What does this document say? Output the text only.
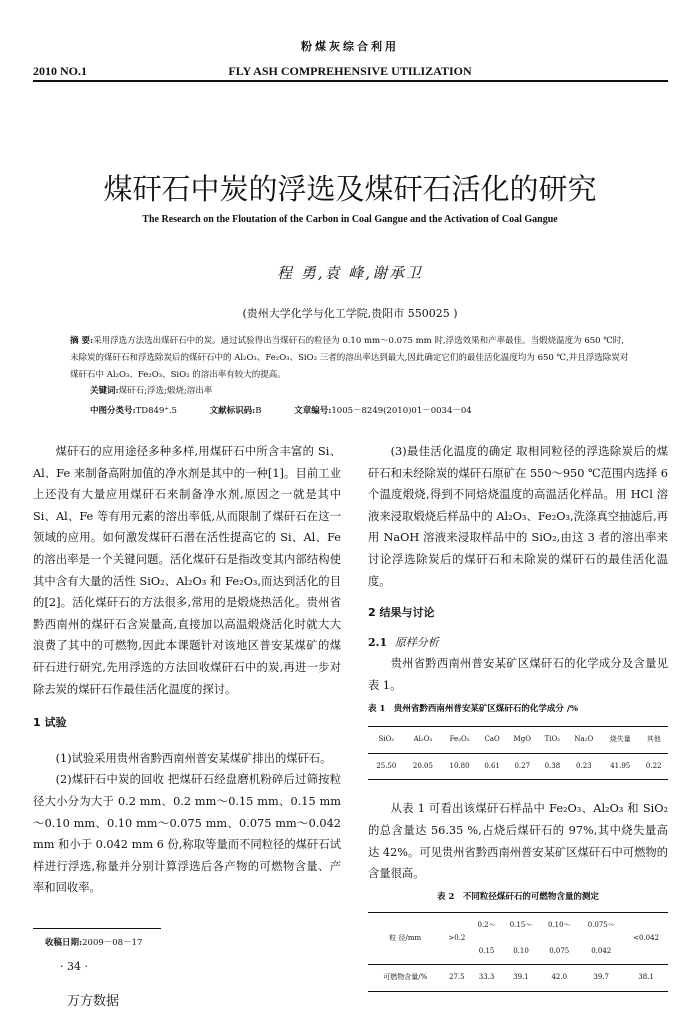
粉煤灰综合利用
2010 NO.1	FLY ASH COMPREHENSIVE UTILIZATION
煤矸石中炭的浮选及煤矸石活化的研究
The Research on the Floutation of the Carbon in Coal Gangue and the Activation of Coal Gangue
程 勇,袁 峰,谢承卫
(贵州大学化学与化工学院,贵阳市 550025 )
摘 要:采用浮选方法选出煤矸石中的炭。通过试验得出当煤矸石的粒径为 0.10 mm～0.075 mm 时,浮选效果和产率最佳。当煅烧温度为 650 ℃时,未除炭的煤矸石和浮选除炭后的煤矸石中的 Al₂O₃、Fe₂O₃、SiO₂ 三者的溶出率达到最大,因此确定它们的最佳活化温度均为 650 ℃,并且浮选除炭对煤矸石中 Al₂O₃、Fe₂O₃、SiO₂ 的溶出率有较大的提高。
关键词:煤矸石;浮选;煅烧;溶出率
中图分类号:TD849⁺.5	文献标识码:B	文章编号:1005－8249(2010)01－0034－04

煤矸石的应用途径多种多样,用煤矸石中所含丰富的 Si、Al、Fe 来制备高附加值的净水剂是其中的一种[1]。目前工业上还没有大量应用煤矸石来制备净水剂,原因之一就是其中 Si、Al、Fe 等有用元素的溶出率低,从而限制了煤矸石在这一领域的应用。如何激发煤矸石潜在活性提高它的 Si、Al、Fe 的溶出率是一个关键问题。活化煤矸石是指改变其内部结构使其中含有大量的活性 SiO₂、Al₂O₃ 和 Fe₂O₃,而达到活化的目的[2]。活化煤矸石的方法很多,常用的是煅烧热活化。贵州省黔西南州的煤矸石含炭量高,直接加以高温煅烧活化时就大大浪费了其中的可燃物,因此本课题针对该地区普安某煤矿的煤矸石进行研究,先用浮选的方法回收煤矸石中的炭,再进一步对除去炭的煤矸石作最佳活化温度的探讨。

1 试验

(1)试验采用贵州省黔西南州普安某煤矿排出的煤矸石。

(2)煤矸石中炭的回收 把煤矸石经盘磨机粉碎后过筛按粒径大小分为大于 0.2 mm、0.2 mm～0.15 mm、0.15 mm～0.10 mm、0.10 mm～0.075 mm、0.075 mm～0.042 mm 和小于 0.042 mm 6 份,称取等量而不同粒径的煤矸石试样进行浮选,称量并分别计算浮选后各产物的可燃物含量、产率和回收率。

(3)最佳活化温度的确定 取相同粒径的浮选除炭后的煤矸石和未经除炭的煤矸石原矿在 550～950 ℃范围内选择 6 个温度煅烧,得到不同焙烧温度的高温活化样品。用 HCl 溶液来浸取煅烧后样品中的 Al₂O₃、Fe₂O₃,洗涤真空抽滤后,再用 NaOH 溶液来浸取样品中的 SiO₂,由这 3 者的溶出率来讨论浮选除炭后的煤矸石和未除炭的煤矸石的最佳活化温度。

2 结果与讨论
2.1 原样分析

贵州省黔西南州普安某矿区煤矸石的化学成分及含量见表 1。

表 1　贵州省黔西南州普安某矿区煤矸石的化学成分 /%
SiO₂	Al₂O₃	Fe₂O₃	CaO	MgO	TiO₂	Na₂O	烧失量	其他
25.50	20.05	10.80	0.61	0.27	0.38	0.23	41.95	0.22

从表 1 可看出该煤矸石样品中 Fe₂O₃、Al₂O₃ 和 SiO₂ 的总含量达 56.35 %,占烧后煤矸石的 97%,其中烧失量高达 42%。可见贵州省黔西南州普安某矿区煤矸石中可燃物的含量很高。

表 2　不同粒径煤矸石的可燃物含量的测定
粒 径/mm	>0.2	0.2～	0.15～	0.10～	0.075～	<0.042
		0.15	0.10	0.075	0.042	
可燃物含量/%	27.5	33.3	39.1	42.0	39.7	38.1
收稿日期:2009－08－17
· 34 ·
万方数据
